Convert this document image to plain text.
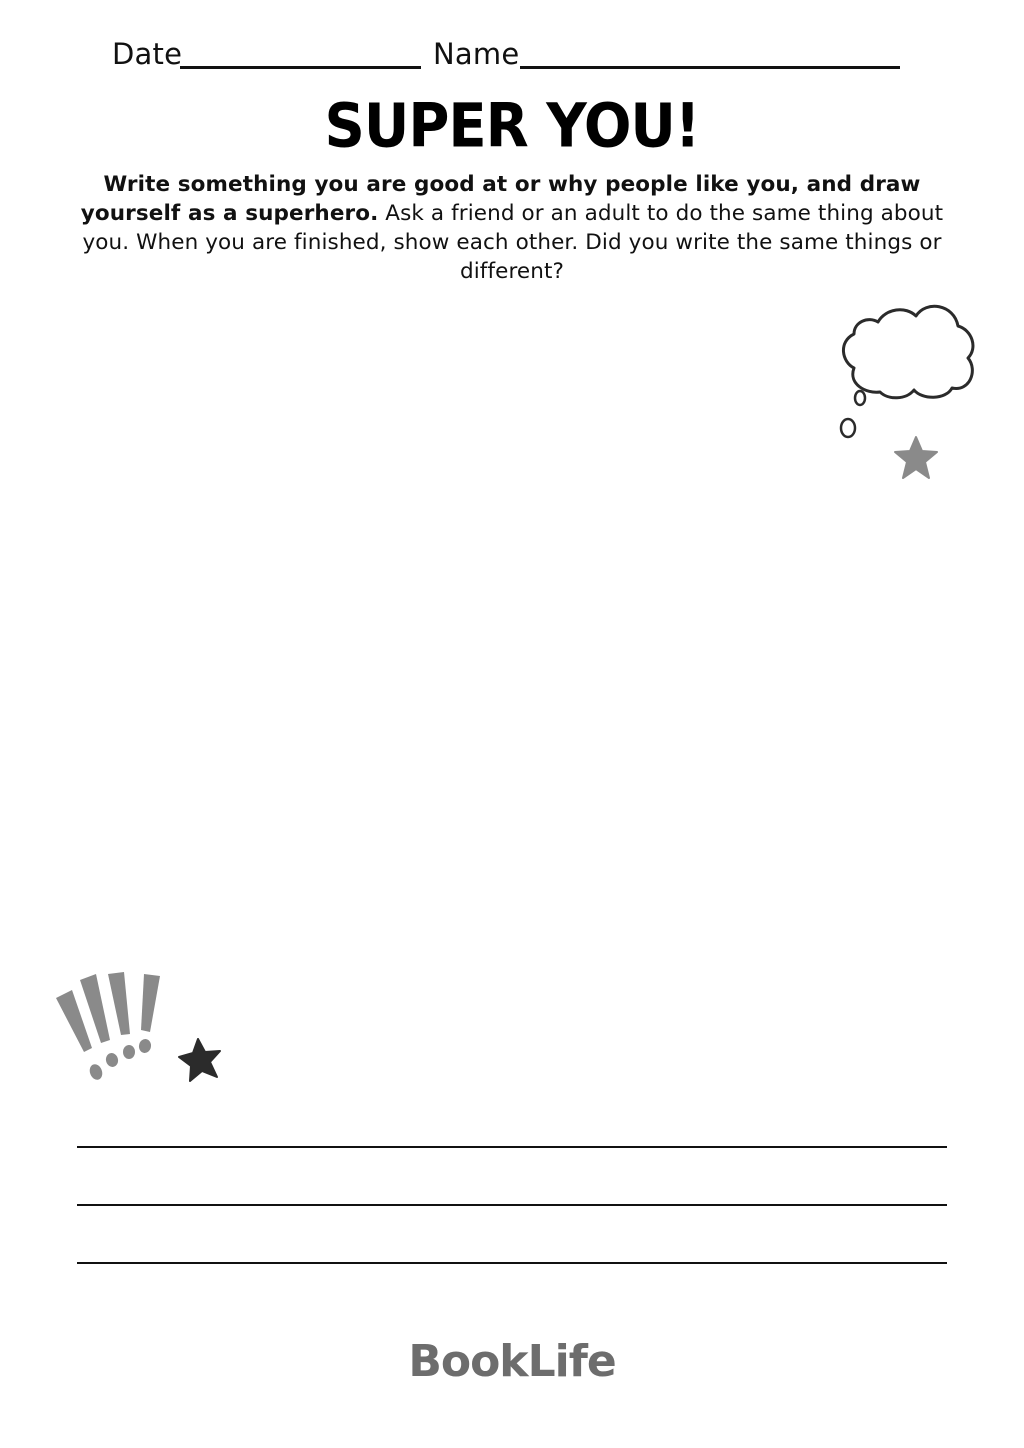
Date	Name
SUPER YOU!
Write something you are good at or why people like you, and draw yourself as a superhero. Ask a friend or an adult to do the same thing about you. When you are finished, show each other. Did you write the same things or different?
BookLife
